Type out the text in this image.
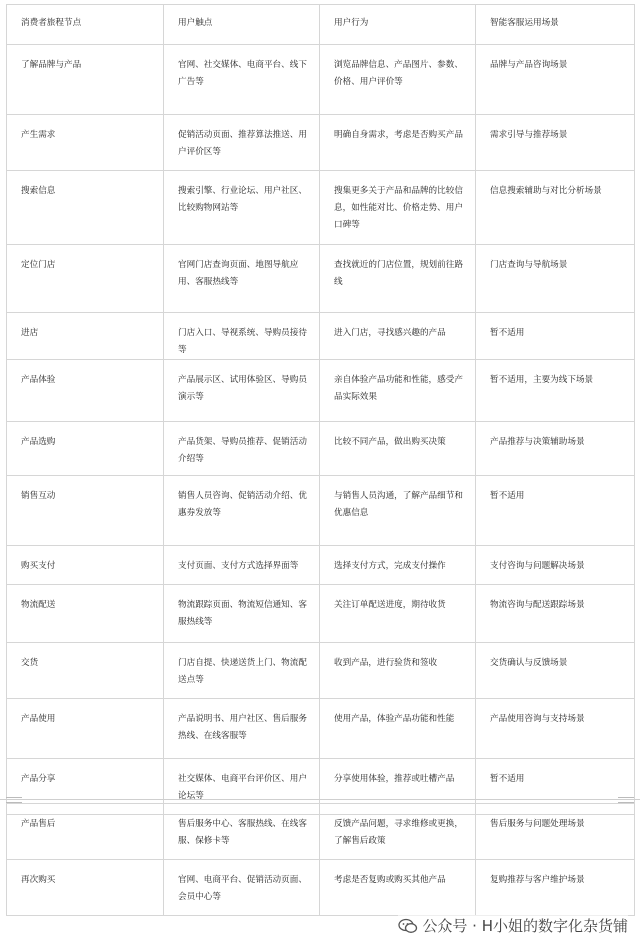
消费者旅程节点	用户触点	用户行为	智能客服运用场景
了解品牌与产品	官网、社交媒体、电商平台、线下广告等	浏览品牌信息、产品图片、参数、价格、用户评价等	品牌与产品咨询场景
产生需求	促销活动页面、推荐算法推送、用户评价区等	明确自身需求，考虑是否购买产品	需求引导与推荐场景
搜索信息	搜索引擎、行业论坛、用户社区、比较购物网站等	搜集更多关于产品和品牌的比较信息，如性能对比、价格走势、用户口碑等	信息搜索辅助与对比分析场景
定位门店	官网门店查询页面、地图导航应用、客服热线等	查找就近的门店位置，规划前往路线	门店查询与导航场景
进店	门店入口、导视系统、导购员接待等	进入门店，寻找感兴趣的产品	暂不适用
产品体验	产品展示区、试用体验区、导购员演示等	亲自体验产品功能和性能，感受产品实际效果	暂不适用，主要为线下场景
产品选购	产品货架、导购员推荐、促销活动介绍等	比较不同产品，做出购买决策	产品推荐与决策辅助场景
销售互动	销售人员咨询、促销活动介绍、优惠券发放等	与销售人员沟通，了解产品细节和优惠信息	暂不适用
购买支付	支付页面、支付方式选择界面等	选择支付方式，完成支付操作	支付咨询与问题解决场景
物流配送	物流跟踪页面、物流短信通知、客服热线等	关注订单配送进度，期待收货	物流咨询与配送跟踪场景
交货	门店自提、快递送货上门、物流配送点等	收到产品，进行验货和签收	交货确认与反馈场景
产品使用	产品说明书、用户社区、售后服务热线、在线客服等	使用产品，体验产品功能和性能	产品使用咨询与支持场景
产品分享	社交媒体、电商平台评价区、用户论坛等	分享使用体验，推荐或吐槽产品	暂不适用
产品售后	售后服务中心、客服热线、在线客服、保修卡等	反馈产品问题，寻求维修或更换，了解售后政策	售后服务与问题处理场景
再次购买	官网、电商平台、促销活动页面、会员中心等	考虑是否复购或购买其他产品	复购推荐与客户维护场景
公众号 · H小姐的数字化杂货铺
